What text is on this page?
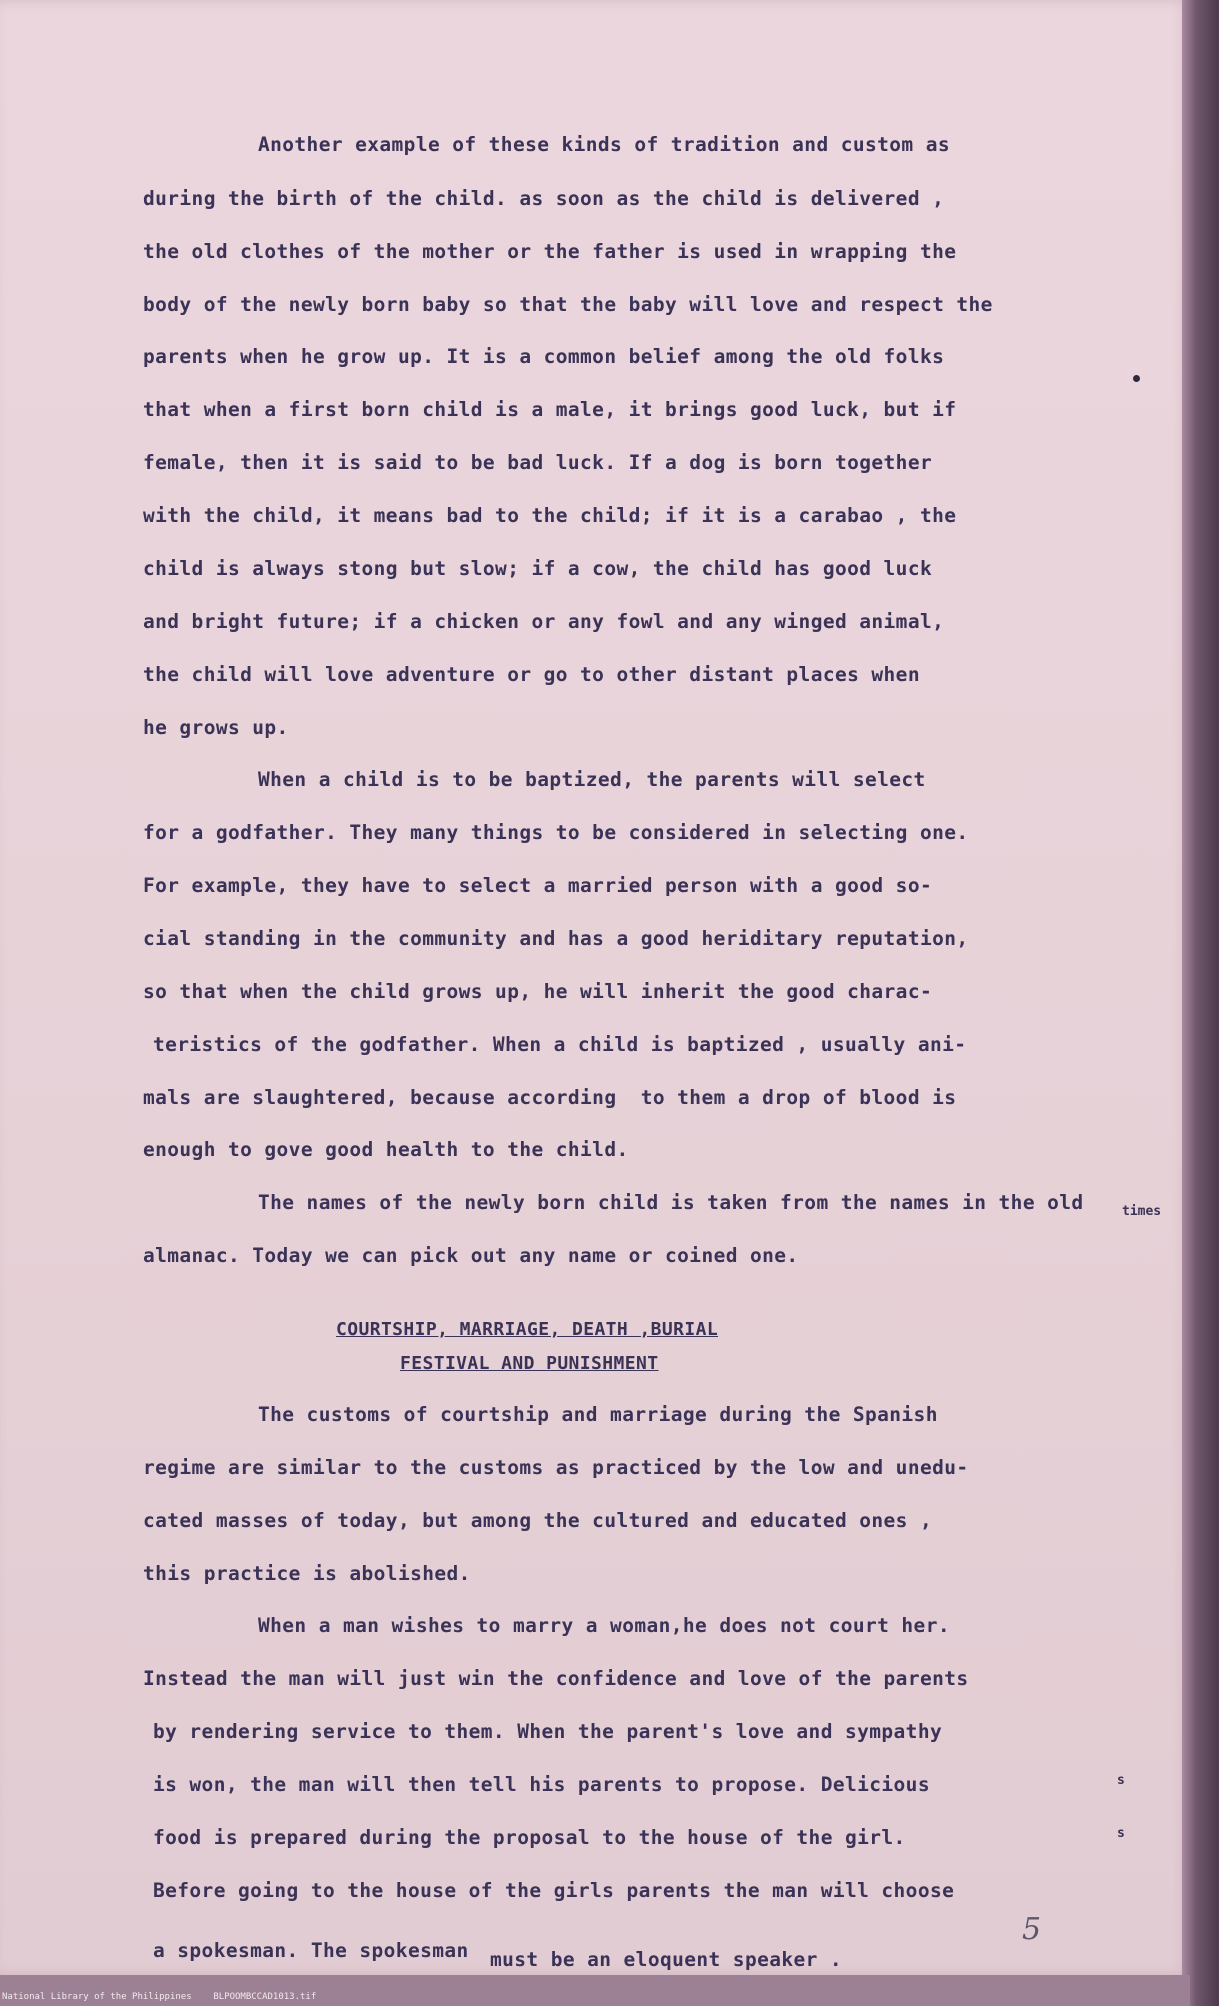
Another example of these kinds of tradition and custom as
during the birth of the child. as soon as the child is delivered ,
the old clothes of the mother or the father is used in wrapping the
body of the newly born baby so that the baby will love and respect the
parents when he grow up. It is a common belief among the old folks
that when a first born child is a male, it brings good luck, but if
female, then it is said to be bad luck. If a dog is born together
with the child, it means bad to the child; if it is a carabao , the
child is always stong but slow; if a cow, the child has good luck
and bright future; if a chicken or any fowl and any winged animal,
the child will love adventure or go to other distant places when
he grows up.
When a child is to be baptized, the parents will select
for a godfather. They many things to be considered in selecting one.
For example, they have to select a married person with a good so-
cial standing in the community and has a good heriditary reputation,
so that when the child grows up, he will inherit the good charac-
teristics of the godfather. When a child is baptized , usually ani-
mals are slaughtered, because according  to them a drop of blood is
enough to gove good health to the child.
The names of the newly born child is taken from the names in the old
almanac. Today we can pick out any name or coined one.
COURTSHIP, MARRIAGE, DEATH ,BURIAL
FESTIVAL AND PUNISHMENT
The customs of courtship and marriage during the Spanish
regime are similar to the customs as practiced by the low and unedu-
cated masses of today, but among the cultured and educated ones ,
this practice is abolished.
When a man wishes to marry a woman,he does not court her.
Instead the man will just win the confidence and love of the parents
by rendering service to them. When the parent's love and sympathy
is won, the man will then tell his parents to propose. Delicious
food is prepared during the proposal to the house of the girl.
Before going to the house of the girls parents the man will choose
a spokesman. The spokesman must be an eloquent speaker .
times
s
s
5
National Library of the Philippines    BLPOOMBCCAD1013.tif
